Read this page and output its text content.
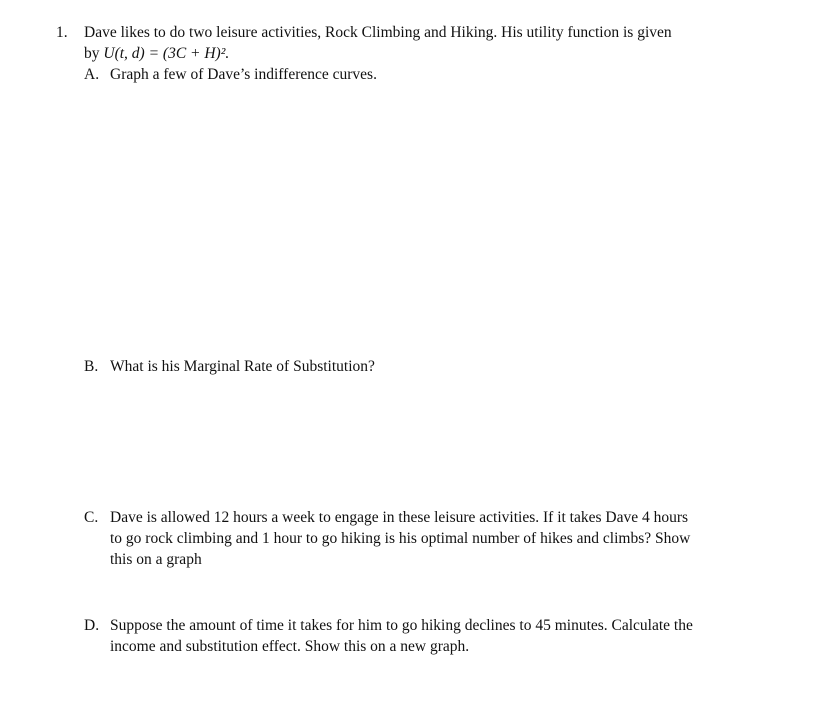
1. Dave likes to do two leisure activities, Rock Climbing and Hiking. His utility function is given
by U(t, d) = (3C + H)².
A. Graph a few of Dave’s indifference curves.
B. What is his Marginal Rate of Substitution?
C. Dave is allowed 12 hours a week to engage in these leisure activities. If it takes Dave 4 hours
to go rock climbing and 1 hour to go hiking is his optimal number of hikes and climbs? Show
this on a graph
D. Suppose the amount of time it takes for him to go hiking declines to 45 minutes. Calculate the
income and substitution effect. Show this on a new graph.
